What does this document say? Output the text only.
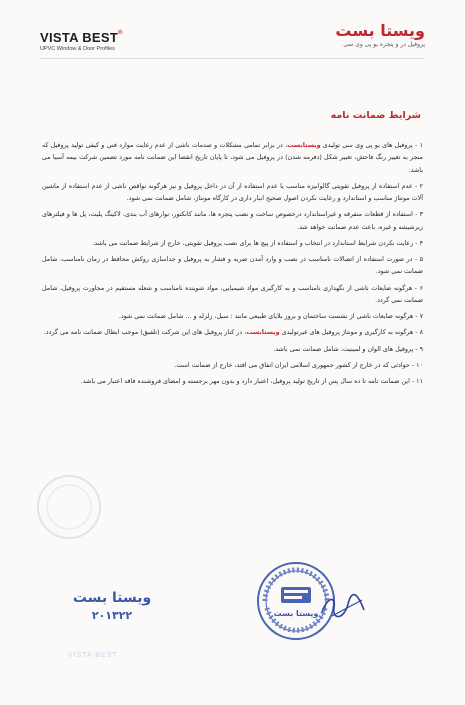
VISTA BEST®
UPVC Window & Door Profiles
ویستا بست
پروفیل در و پنجره یو پی وی سی
شرایط ضمانت نامه

۱ - پروفیل های یو پی وی سی تولیدی ویستابست، در برابر تمامی مشکلات و صدمات ناشی از عدم رعایت موارد فنی و کیفی تولید پروفیل که منجر به تغییر رنگ فاحش، تغییر شکل (دفرمه شدن) در پروفیل می شود، تا پایان تاریخ انقضا این ضمانت نامه مورد تضمین شرکت بیمه آسیا می باشد.

۲ - عدم استفاده از پروفیل تقویتی گالوانیزه مناسب یا عدم استفاده از آن در داخل پروفیل و نیز هرگونه نواقص ناشی از عدم استفاده از ماشین آلات مونتاژ مناسب و استاندارد و رعایت نکردن اصول صحیح انبار داری در کارگاه مونتاژ، شامل ضمانت نمی شود.

۳ - استفاده از قطعات متفرقه و غیراستاندارد درخصوص ساخت و نصب پنجره ها، مانند کانکتور، نوارهای آب بندی، لاکینگ پلیت، پل ها و فیلترهای زیرشیشه و غیره، باعث عدم ضمانت خواهد شد.

۴ - رعایت نکردن شرایط استاندارد در انتخاب و استفاده از پیچ ها برای نصب پروفیل تقویتی، خارج از شرایط ضمانت می باشد.

۵ - در صورت استفاده از اتصالات نامناسب در نصب و وارد آمدن ضربه و فشار به پروفیل و جداسازی روکش محافظ در زمان نامناسب، شامل ضمانت نمی شود.

۶ - هرگونه ضایعات ناشی از نگهداری نامناسب و به کارگیری مواد شیمیایی، مواد شوینده نامناسب و شعله مستقیم در مجاورت پروفیل، شامل ضمانت نمی گردد.

۷ - هرگونه ضایعات ناشی از نشست ساختمان و بروز بلایای طبیعی مانند : سیل، زلزله و ... شامل ضمانت نمی شود.

۸ - هرگونه به کارگیری و مونتاژ پروفیل های غیرتولیدی ویستابست، در کنار پروفیل های این شرکت (تلفیق) موجب ابطال ضمانت نامه می گردد.

۹ - پروفیل های الوان و لمینیت، شامل ضمانت نمی باشد.

۱۰ - حوادثی که در خارج از کشور جمهوری اسلامی ایران اتفاق می افتد، خارج از ضمانت است.

۱۱ - این ضمانت نامه تا ده سال پس از تاریخ تولید پروفیل، اعتبار دارد و بدون مهر برجسته و امضای فروشنده فاقد اعتبار می باشد.

ویستا بست
۲۰۱۳۲۲
VISTA BEST
ویستا بست
